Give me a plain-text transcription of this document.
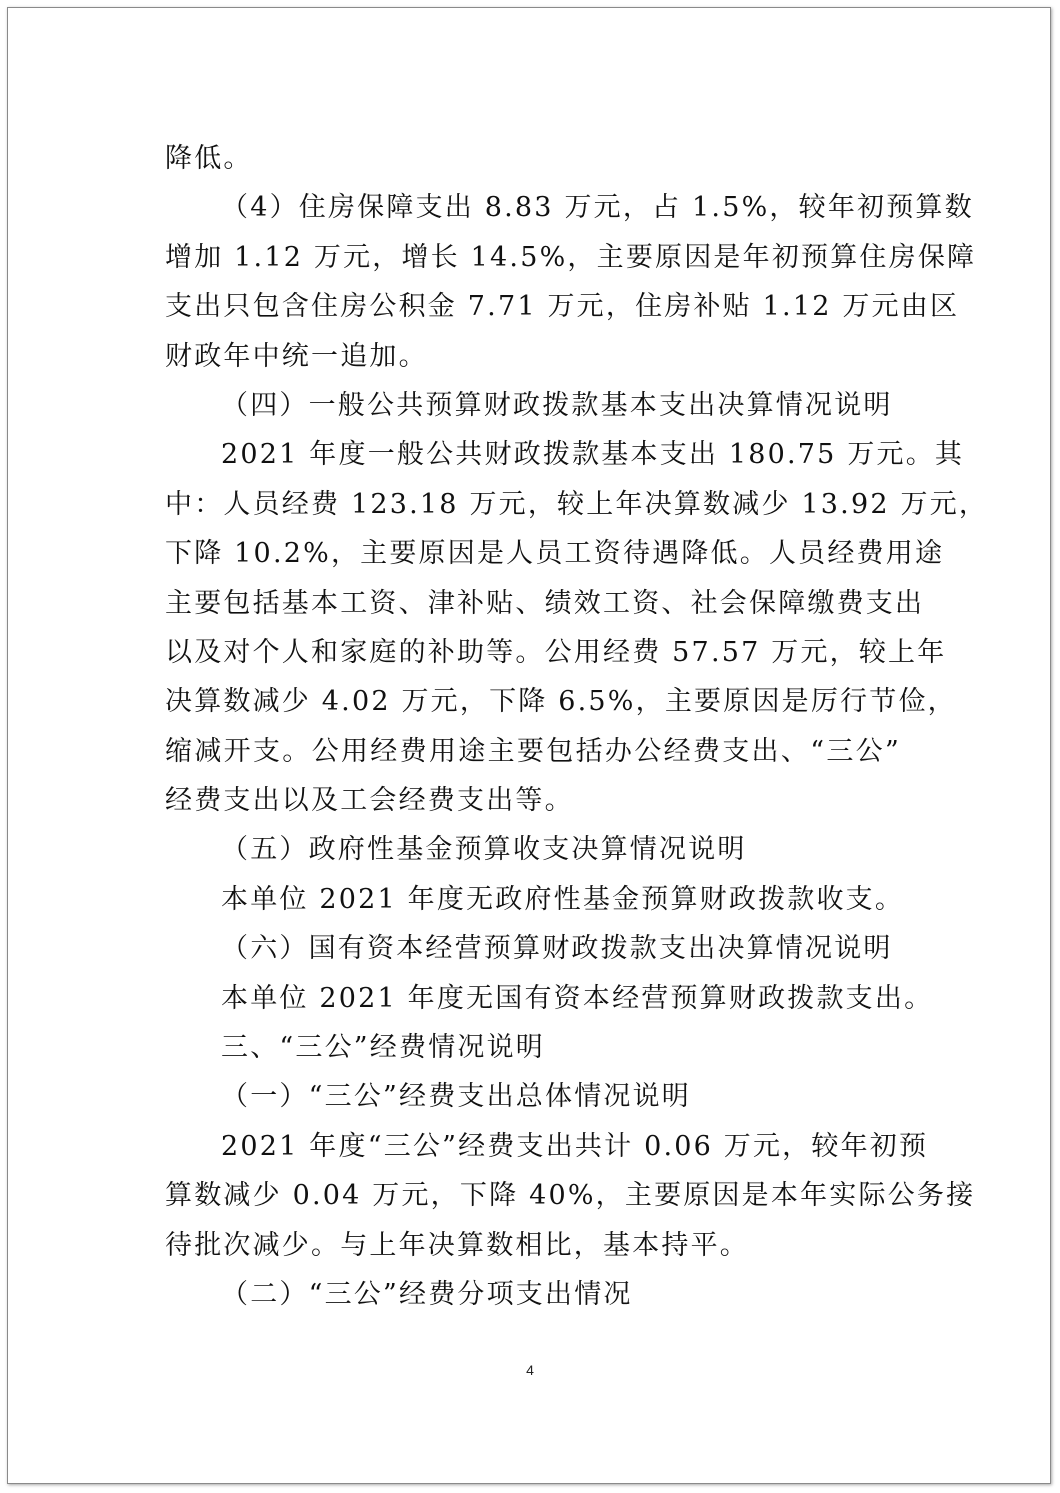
降低。
（4）住房保障支出 8.83 万元，占 1.5%，较年初预算数
增加 1.12 万元，增长 14.5%，主要原因是年初预算住房保障
支出只包含住房公积金 7.71 万元，住房补贴 1.12 万元由区
财政年中统一追加。
（四）一般公共预算财政拨款基本支出决算情况说明
2021 年度一般公共财政拨款基本支出 180.75 万元。其
中：人员经费 123.18 万元，较上年决算数减少 13.92 万元，
下降 10.2%，主要原因是人员工资待遇降低。人员经费用途
主要包括基本工资、津补贴、绩效工资、社会保障缴费支出
以及对个人和家庭的补助等。公用经费 57.57 万元，较上年
决算数减少 4.02 万元，下降 6.5%，主要原因是厉行节俭，
缩减开支。公用经费用途主要包括办公经费支出、“三公”
经费支出以及工会经费支出等。
（五）政府性基金预算收支决算情况说明
本单位 2021 年度无政府性基金预算财政拨款收支。
（六）国有资本经营预算财政拨款支出决算情况说明
本单位 2021 年度无国有资本经营预算财政拨款支出。
三、“三公”经费情况说明
（一）“三公”经费支出总体情况说明
2021 年度“三公”经费支出共计 0.06 万元，较年初预
算数减少 0.04 万元，下降 40%，主要原因是本年实际公务接
待批次减少。与上年决算数相比，基本持平。
（二）“三公”经费分项支出情况
4
